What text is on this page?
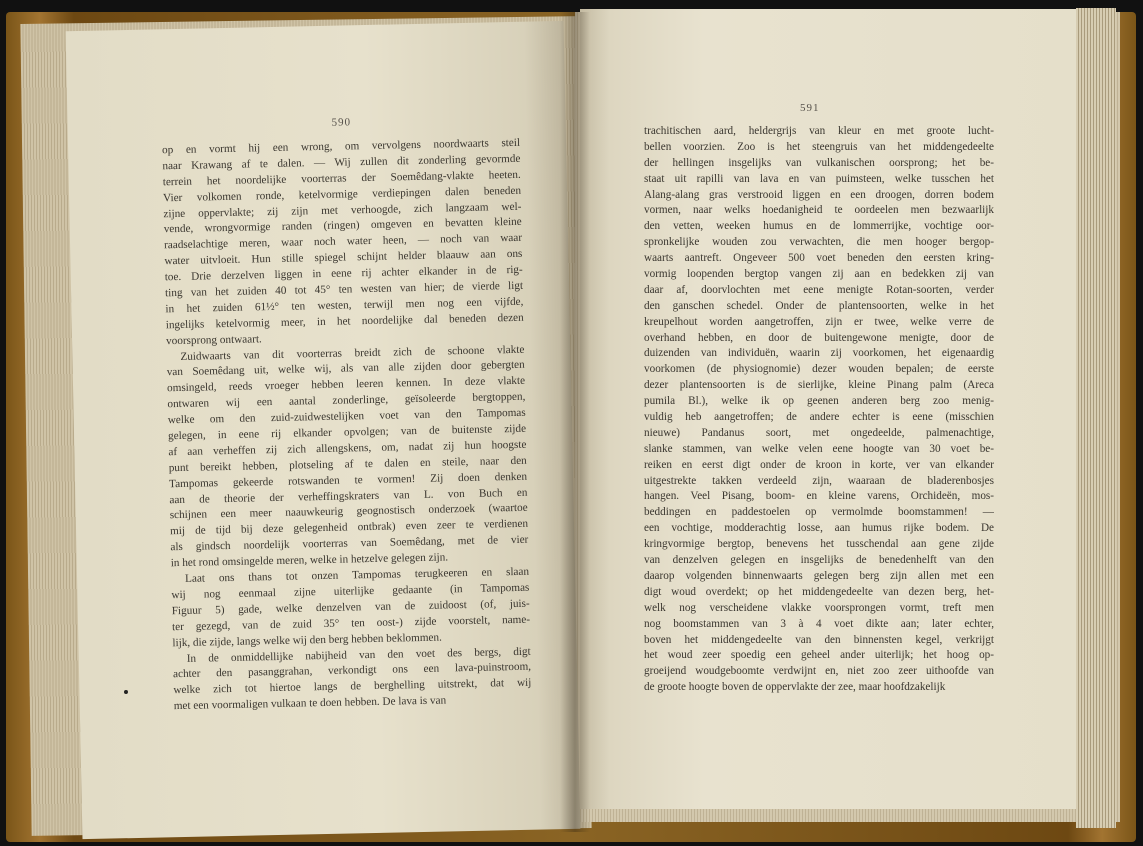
590
op en vormt hij een wrong, om vervolgens noordwaarts steil
naar Krawang af te dalen. — Wij zullen dit zonderling gevormde
terrein het noordelijke voorterras der Soemêdang-vlakte heeten.
Vier volkomen ronde, ketelvormige verdiepingen dalen beneden
zijne oppervlakte; zij zijn met verhoogde, zich langzaam wel-
vende, wrongvormige randen (ringen) omgeven en bevatten kleine
raadselachtige meren, waar noch water heen, — noch van waar
water uitvloeit. Hun stille spiegel schijnt helder blaauw aan ons
toe. Drie derzelven liggen in eene rij achter elkander in de rig-
ting van het zuiden 40 tot 45° ten westen van hier; de vierde ligt
in het zuiden 61½° ten westen, terwijl men nog een vijfde,
ingelijks ketelvormig meer, in het noordelijke dal beneden dezen
voorsprong ontwaart.
Zuidwaarts van dit voorterras breidt zich de schoone vlakte
van Soemêdang uit, welke wij, als van alle zijden door gebergten
omsingeld, reeds vroeger hebben leeren kennen. In deze vlakte
ontwaren wij een aantal zonderlinge, geïsoleerde bergtoppen,
welke om den zuid-zuidwestelijken voet van den Tampomas
gelegen, in eene rij elkander opvolgen; van de buitenste zijde
af aan verheffen zij zich allengskens, om, nadat zij hun hoogste
punt bereikt hebben, plotseling af te dalen en steile, naar den
Tampomas gekeerde rotswanden te vormen! Zij doen denken
aan de theorie der verheffingskraters van L. von Buch en
schijnen een meer naauwkeurig geognostisch onderzoek (waartoe
mij de tijd bij deze gelegenheid ontbrak) even zeer te verdienen
als gindsch noordelijk voorterras van Soemêdang, met de vier
in het rond omsingelde meren, welke in hetzelve gelegen zijn.
Laat ons thans tot onzen Tampomas terugkeeren en slaan
wij nog eenmaal zijne uiterlijke gedaante (in Tampomas
Figuur 5) gade, welke denzelven van de zuidoost (of, juis-
ter gezegd, van de zuid 35° ten oost-) zijde voorstelt, name-
lijk, die zijde, langs welke wij den berg hebben beklommen.
In de onmiddellijke nabijheid van den voet des bergs, digt
achter den pasanggrahan, verkondigt ons een lava-puinstroom,
welke zich tot hiertoe langs de berghelling uitstrekt, dat wij
met een voormaligen vulkaan te doen hebben. De lava is van
591
trachitischen aard, heldergrijs van kleur en met groote lucht-
bellen voorzien. Zoo is het steengruis van het middengedeelte
der hellingen insgelijks van vulkanischen oorsprong; het be-
staat uit rapilli van lava en van puimsteen, welke tusschen het
Alang-alang gras verstrooid liggen en een droogen, dorren bodem
vormen, naar welks hoedanigheid te oordeelen men bezwaarlijk
den vetten, weeken humus en de lommerrijke, vochtige oor-
spronkelijke wouden zou verwachten, die men hooger bergop-
waarts aantreft. Ongeveer 500 voet beneden den eersten kring-
vormig loopenden bergtop vangen zij aan en bedekken zij van
daar af, doorvlochten met eene menigte Rotan-soorten, verder
den ganschen schedel. Onder de plantensoorten, welke in het
kreupelhout worden aangetroffen, zijn er twee, welke verre de
overhand hebben, en door de buitengewone menigte, door de
duizenden van individuën, waarin zij voorkomen, het eigenaardig
voorkomen (de physiognomie) dezer wouden bepalen; de eerste
dezer plantensoorten is de sierlijke, kleine Pinang palm (Areca
pumila Bl.), welke ik op geenen anderen berg zoo menig-
vuldig heb aangetroffen; de andere echter is eene (misschien
nieuwe) Pandanus soort, met ongedeelde, palmenachtige,
slanke stammen, van welke velen eene hoogte van 30 voet be-
reiken en eerst digt onder de kroon in korte, ver van elkander
uitgestrekte takken verdeeld zijn, waaraan de bladerenbosjes
hangen. Veel Pisang, boom- en kleine varens, Orchideën, mos-
beddingen en paddestoelen op vermolmde boomstammen! —
een vochtige, modderachtig losse, aan humus rijke bodem. De
kringvormige bergtop, benevens het tusschendal aan gene zijde
van denzelven gelegen en insgelijks de benedenhelft van den
daarop volgenden binnenwaarts gelegen berg zijn allen met een
digt woud overdekt; op het middengedeelte van dezen berg, het-
welk nog verscheidene vlakke voorsprongen vormt, treft men
nog boomstammen van 3 à 4 voet dikte aan; later echter,
boven het middengedeelte van den binnensten kegel, verkrijgt
het woud zeer spoedig een geheel ander uiterlijk; het hoog op-
groeijend woudgeboomte verdwijnt en, niet zoo zeer uithoofde van
de groote hoogte boven de oppervlakte der zee, maar hoofdzakelijk
